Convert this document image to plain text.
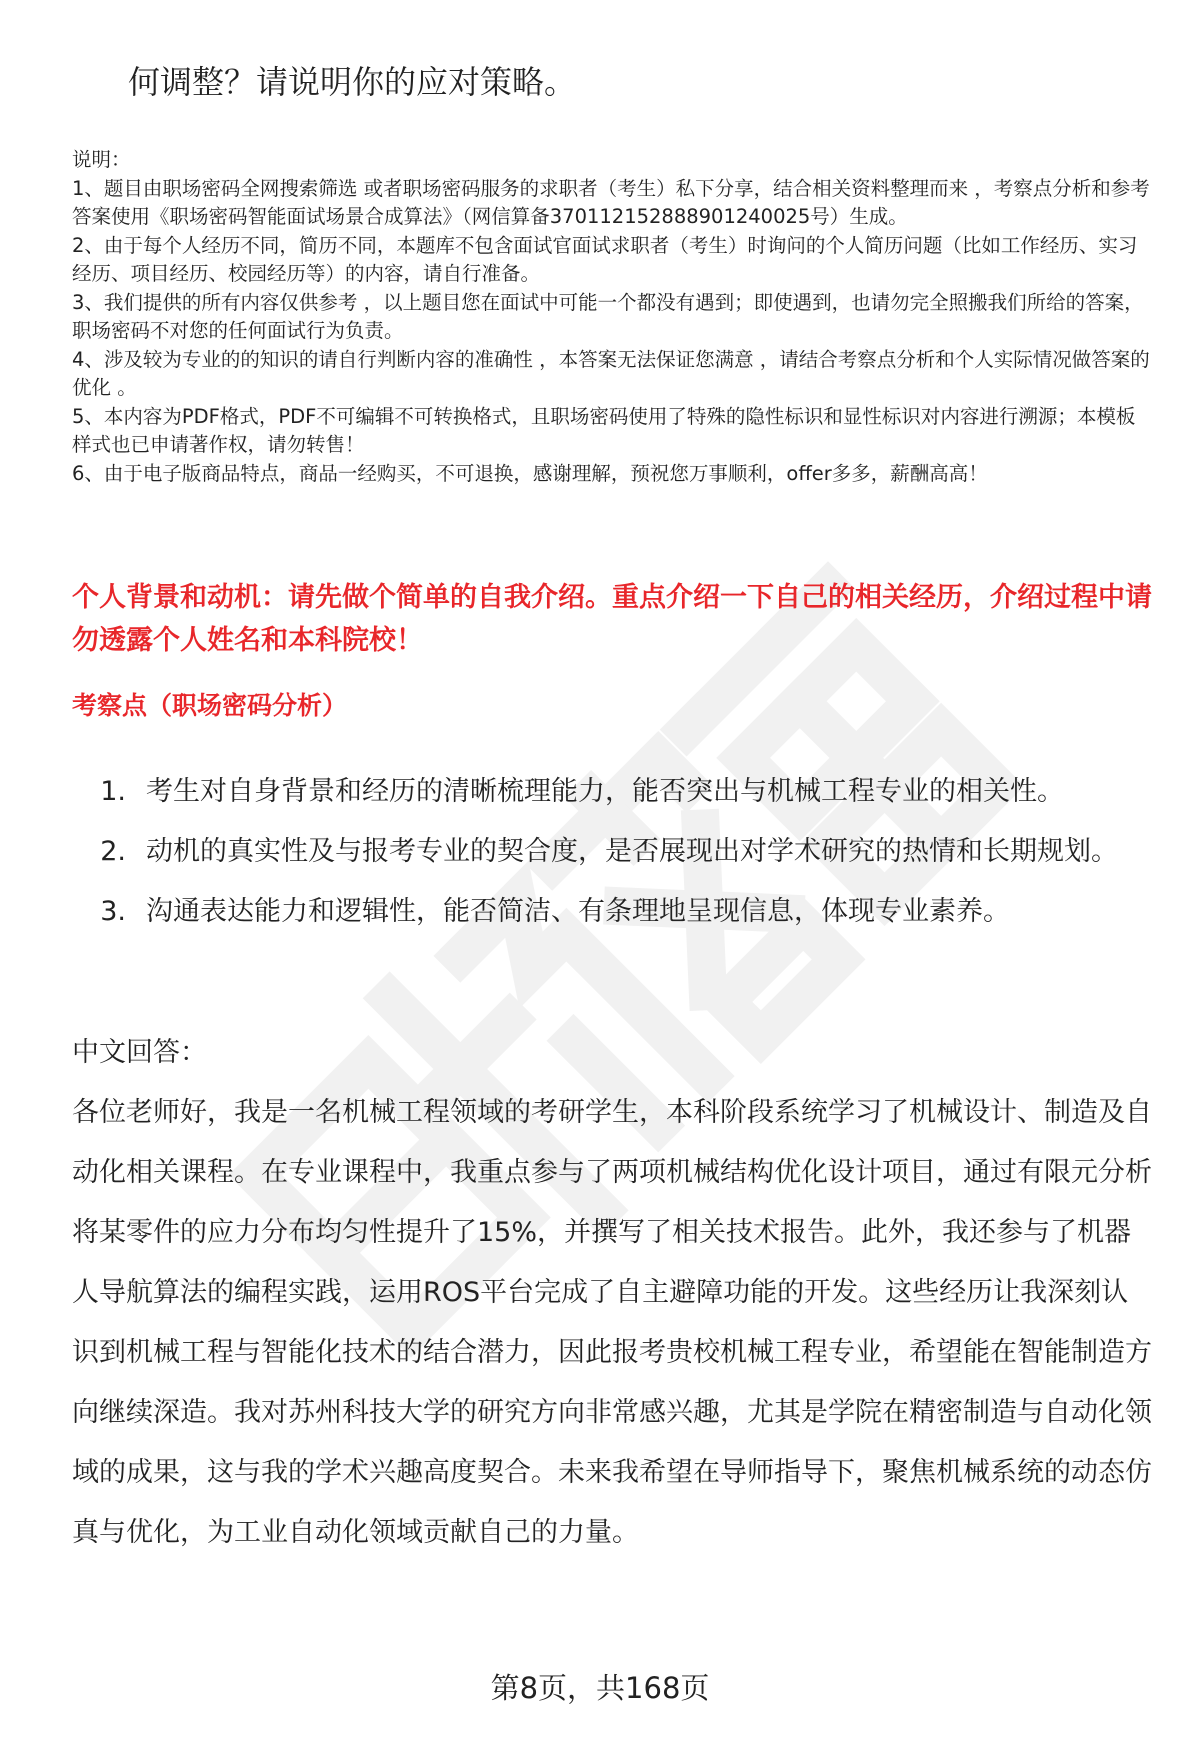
何调整？请说明你的应对策略。

说明：

1、题目由职场密码全网搜索筛选 或者职场密码服务的求职者（考生）私下分享，结合相关资料整理而来 ，考察点分析和参考答案使用《职场密码智能面试场景合成算法》（网信算备370112152888901240025号）生成。

2、由于每个人经历不同，简历不同，本题库不包含面试官面试求职者（考生）时询问的个人简历问题（比如工作经历、实习经历、项目经历、校园经历等）的内容，请自行准备。

3、我们提供的所有内容仅供参考 ，以上题目您在面试中可能一个都没有遇到；即使遇到，也请勿完全照搬我们所给的答案，职场密码不对您的任何面试行为负责。

4、涉及较为专业的的知识的请自行判断内容的准确性 ，本答案无法保证您满意 ，请结合考察点分析和个人实际情况做答案的优化 。

5、本内容为PDF格式，PDF不可编辑不可转换格式，且职场密码使用了特殊的隐性标识和显性标识对内容进行溯源；本模板样式也已申请著作权，请勿转售！

6、由于电子版商品特点，商品一经购买，不可退换，感谢理解，预祝您万事顺利，offer多多，薪酬高高！

个人背景和动机：请先做个简单的自我介绍。重点介绍一下自己的相关经历，介绍过程中请勿透露个人姓名和本科院校！
考察点（职场密码分析）
1. 考生对自身背景和经历的清晰梳理能力，能否突出与机械工程专业的相关性。
2. 动机的真实性及与报考专业的契合度，是否展现出对学术研究的热情和长期规划。
3. 沟通表达能力和逻辑性，能否简洁、有条理地呈现信息，体现专业素养。
中文回答：

各位老师好，我是一名机械工程领域的考研学生，本科阶段系统学习了机械设计、制造及自动化相关课程。在专业课程中，我重点参与了两项机械结构优化设计项目，通过有限元分析将某零件的应力分布均匀性提升了15%，并撰写了相关技术报告。此外，我还参与了机器人导航算法的编程实践，运用ROS平台完成了自主避障功能的开发。这些经历让我深刻认识到机械工程与智能化技术的结合潜力，因此报考贵校机械工程专业，希望能在智能制造方向继续深造。我对苏州科技大学的研究方向非常感兴趣，尤其是学院在精密制造与自动化领域的成果，这与我的学术兴趣高度契合。未来我希望在导师指导下，聚焦机械系统的动态仿真与优化，为工业自动化领域贡献自己的力量。

第8页，共168页
